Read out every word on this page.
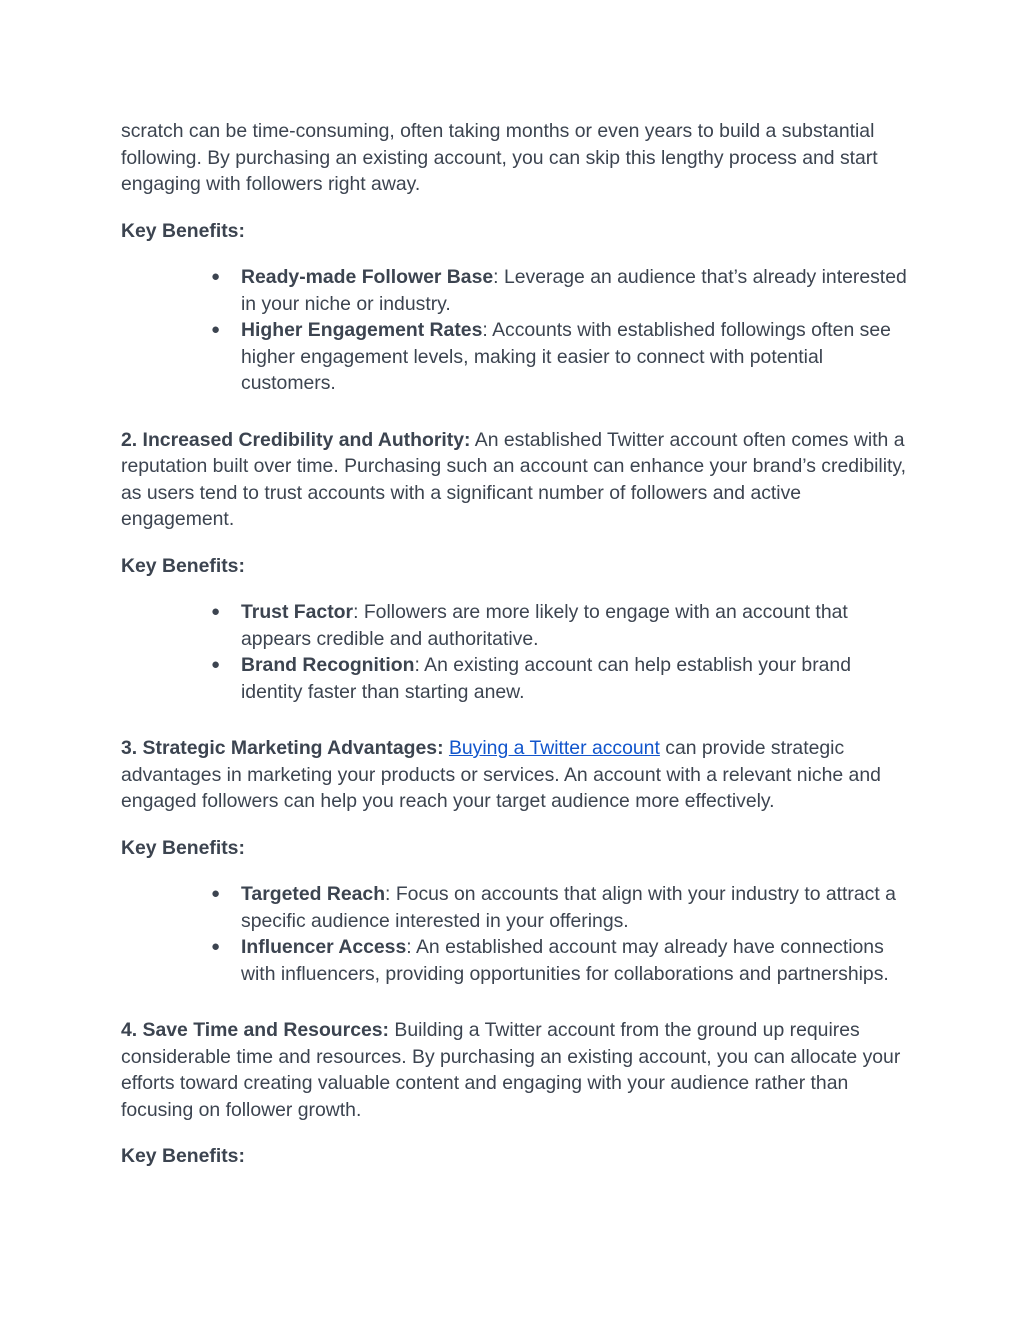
scratch can be time-consuming, often taking months or even years to build a substantial following. By purchasing an existing account, you can skip this lengthy process and start engaging with followers right away.

Key Benefits:

● Ready-made Follower Base: Leverage an audience that’s already interested in your niche or industry.
● Higher Engagement Rates: Accounts with established followings often see higher engagement levels, making it easier to connect with potential customers.

2. Increased Credibility and Authority: An established Twitter account often comes with a reputation built over time. Purchasing such an account can enhance your brand’s credibility, as users tend to trust accounts with a significant number of followers and active engagement.

Key Benefits:

● Trust Factor: Followers are more likely to engage with an account that appears credible and authoritative.
● Brand Recognition: An existing account can help establish your brand identity faster than starting anew.

3. Strategic Marketing Advantages: Buying a Twitter account can provide strategic advantages in marketing your products or services. An account with a relevant niche and engaged followers can help you reach your target audience more effectively.

Key Benefits:

● Targeted Reach: Focus on accounts that align with your industry to attract a specific audience interested in your offerings.
● Influencer Access: An established account may already have connections with influencers, providing opportunities for collaborations and partnerships.

4. Save Time and Resources: Building a Twitter account from the ground up requires considerable time and resources. By purchasing an existing account, you can allocate your efforts toward creating valuable content and engaging with your audience rather than focusing on follower growth.

Key Benefits:
